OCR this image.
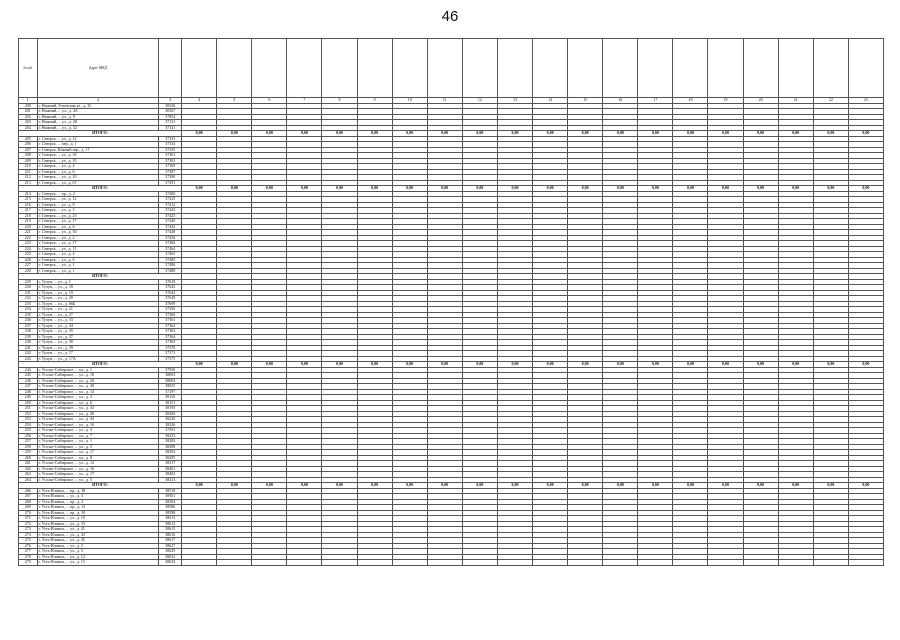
46
№ п/п	Адрес МКД																					
1	2	3	4	5	6	7	8	9	10	11	12	13	14	15	16	17	18	19	20	21	22	23
200	г. Нижний, Успенская ул., д. 35	30526																				
201	г. Нижний, ... ул., д. 4А	30507																				
202	г. Нижний, ... ул., д. 9	37854																				
203	г. Нижний, ... ул., д. 28	37131																				
204	г. Нижний, ... ул., д. 32	37141																				
ИТОГО:			0,00	0,00	0,00	0,00	0,00	0,00	0,00	0,00	0,00	0,00	0,00	0,00	0,00	0,00	0,00	0,00	0,00	0,00	0,00	0,00
205	г. Северск, ... ул., д. 12	37333																				
206	г. Северск, ... пер., д. 1	37334																				
207	г. Северск, Южный пер., д. 17	37335																				
208	г. Северск, ... ул., д. 33	37361																				
209	г. Северск, ... ул., д. 35	37381																				
210	г. Северск, ... ул., д. 4	37369																				
211	г. Северск, ... ул., д. 6	37387																				
212	г. Северск, ... ул., д. 10	37390																				
213	г. Северск, ... ул., д. 67	37391																				
ИТОГО:			0,00	0,00	0,00	0,00	0,00	0,00	0,00	0,00	0,00	0,00	0,00	0,00	0,00	0,00	0,00	0,00	0,00	0,00	0,00	0,00
214	г. Северск, ... пр., д. 2	37400																				
215	г. Северск, ... ул., д. 12	37415																				
216	г. Северск, ... ул., д. 8	37412																				
217	г. Северск, ... ул., д. 3	37423																				
218	г. Северск, ... ул., д. 23	37425																				
219	г. Северск, ... ул., д. 17	37440																				
220	г. Северск, ... ул., д. 6	37443																				
221	г. Северск, ... ул., д. 30	37448																				
222	г. Северск, ... ул., д. 2	37456																				
223	г. Северск, ... ул., д. 17	37460																				
224	г. Северск, ... ул., д. 11	37464																				
225	г. Северск, ... ул., д. 4	37465																				
226	г. Северск, ... ул., д. 6	37485																				
227	г. Северск, ... ул., д. 1	37486																				
228	г. Северск, ... ул., д. 1	37488																				
ИТОГО:																						
229	г. Тулун, ... ул., д. 1	37618																				
230	г. Тулун, ... ул., д. 18	37643																				
231	г. Тулун, ... ул., д. 19	37644																				
232	г. Тулун, ... ул., д. 20	37649																				
233	г. Тулун, ... ул., д. 66Б	37699																				
234	г. Тулун, ... ул., д. 21	37350																				
235	г. Тулун, ... ул., д. 27	37360																				
236	г. Тулун, ... ул., д. 33	37361																				
237	г. Тулун, ... ул., д. 34	37362																				
238	г. Тулун, ... ул., д. 35	37363																				
239	г. Тулун, ... ул., д. 37	37364																				
240	г. Тулун, ... ул., д. 38	37365																				
241	г. Тулун, ... ул., д. 39	37370																				
242	г. Тулун, ... ул., д. 17	37371																				
243	г. Тулун, ... ул., д. 17А	37375																				
ИТОГО:			0,00	0,00	0,00	0,00	0,00	0,00	0,00	0,00	0,00	0,00	0,00	0,00	0,00	0,00	0,00	0,00	0,00	0,00	0,00	0,00
244	г. Усолье-Сибирское, ... ул., д. 1	37950																				
245	г. Усолье-Сибирское, ... ул., д. 18	38003																				
246	г. Усолье-Сибирское, ... ул., д. 20	38004																				
247	г. Усолье-Сибирское, ... ул., д. 30	38035																				
248	г. Усолье-Сибирское, ... ул., д. 14	37197																				
249	г. Усолье-Сибирское, ... ул., д. 3	38150																				
250	г. Усолье-Сибирское, ... ул., д. 6	38151																				
251	г. Усолье-Сибирское, ... ул., д. 43	38195																				
252	г. Усолье-Сибирское, ... ул., д. 40	38206																				
253	г. Усолье-Сибирское, ... ул., д. 43	38220																				
254	г. Усолье-Сибирское, ... ул., д. 16	38226																				
255	г. Усолье-Сибирское, ... ул., д. 3	37591																				
256	г. Усолье-Сибирское, ... ул., д. 7	38253																				
257	г. Усолье-Сибирское, ... ул., д. 1	38282																				
258	г. Усолье-Сибирское, ... ул., д. 5	38298																				
259	г. Усолье-Сибирское, ... ул., д. 17	38294																				
260	г. Усолье-Сибирское, ... ул., д. 8	38295																				
261	г. Усолье-Сибирское, ... ул., д. 14	38317																				
262	г. Усолье-Сибирское, ... ул., д. 16	38401																				
263	г. Усолье-Сибирское, ... ул., д. 17	38403																				
264	г. Усолье-Сибирское, ... ул., д. 5	38413																				
ИТОГО:			0,00	0,00	0,00	0,00	0,00	0,00	0,00	0,00	0,00	0,00	0,00	0,00	0,00	0,00	0,00	0,00	0,00	0,00	0,00	0,00
266	г. Усть-Илимск, ... пр., д. 38	38518																				
267	г. Усть-Илимск, ... ул., д. 3	38561																				
268	г. Усть-Илимск, ... пр., д. 2	38584																				
269	г. Усть-Илимск, ... пр., д. 12	38586																				
270	г. Усть-Илимск, ... пр., д. 30	38598																				
271	г. Усть-Илимск, ... ул., д. 10	38613																				
272	г. Усть-Илимск, ... ул., д. 33	38614																				
273	г. Усть-Илимск, ... ул., д. 41	38615																				
274	г. Усть-Илимск, ... ул., д. 43	38616																				
275	г. Усть-Илимск, ... ул., д. 45	38617																				
276	г. Усть-Илимск, ... ул., д. 2	38627																				
277	г. Усть-Илимск, ... ул., д. 3	38629																				
278	г. Усть-Илимск, ... ул., д. 12	38652																				
279	г. Усть-Илимск, ... ул., д. 15	38633																				
